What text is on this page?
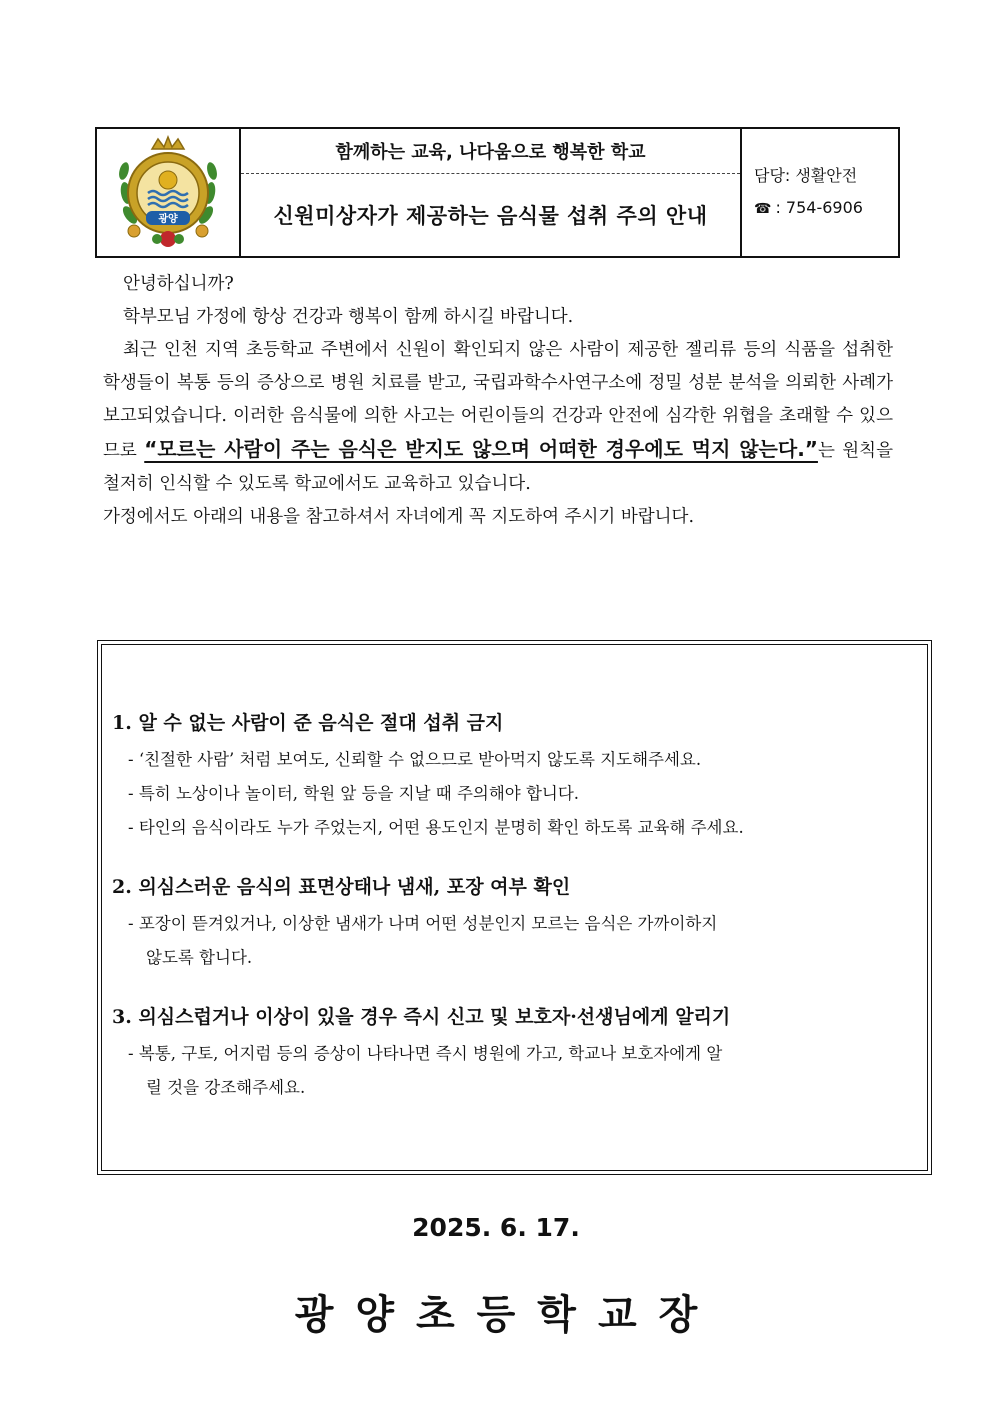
광양
함께하는 교육, 나다움으로 행복한 학교
신원미상자가 제공하는 음식물 섭취 주의 안내
담당: 생활안전
☎ : 754-6906

안녕하십니까?

학부모님 가정에 항상 건강과 행복이 함께 하시길 바랍니다.

최근 인천 지역 초등학교 주변에서 신원이 확인되지 않은 사람이 제공한 젤리류 등의 식품을 섭취한 학생들이 복통 등의 증상으로 병원 치료를 받고, 국립과학수사연구소에 정밀 성분 분석을 의뢰한 사례가 보고되었습니다. 이러한 음식물에 의한 사고는 어린이들의 건강과 안전에 심각한 위협을 초래할 수 있으므로 “모르는 사람이 주는 음식은 받지도 않으며 어떠한 경우에도 먹지 않는다.”는 원칙을 철저히 인식할 수 있도록 학교에서도 교육하고 있습니다.

가정에서도 아래의 내용을 참고하셔서 자녀에게 꼭 지도하여 주시기 바랍니다.

1. 알 수 없는 사람이 준 음식은 절대 섭취 금지

- ‘친절한 사람’ 처럼 보여도, 신뢰할 수 없으므로 받아먹지 않도록 지도해주세요.

- 특히 노상이나 놀이터, 학원 앞 등을 지날 때 주의해야 합니다.

- 타인의 음식이라도 누가 주었는지, 어떤 용도인지 분명히 확인 하도록 교육해 주세요.

2. 의심스러운 음식의 표면상태나 냄새, 포장 여부 확인

- 포장이 뜯겨있거나, 이상한 냄새가 나며 어떤 성분인지 모르는 음식은 가까이하지

않도록 합니다.

3. 의심스럽거나 이상이 있을 경우 즉시 신고 및 보호자·선생님에게 알리기

- 복통, 구토, 어지럼 등의 증상이 나타나면 즉시 병원에 가고, 학교나 보호자에게 알

릴 것을 강조해주세요.

2025. 6. 17.
광양초등학교장
